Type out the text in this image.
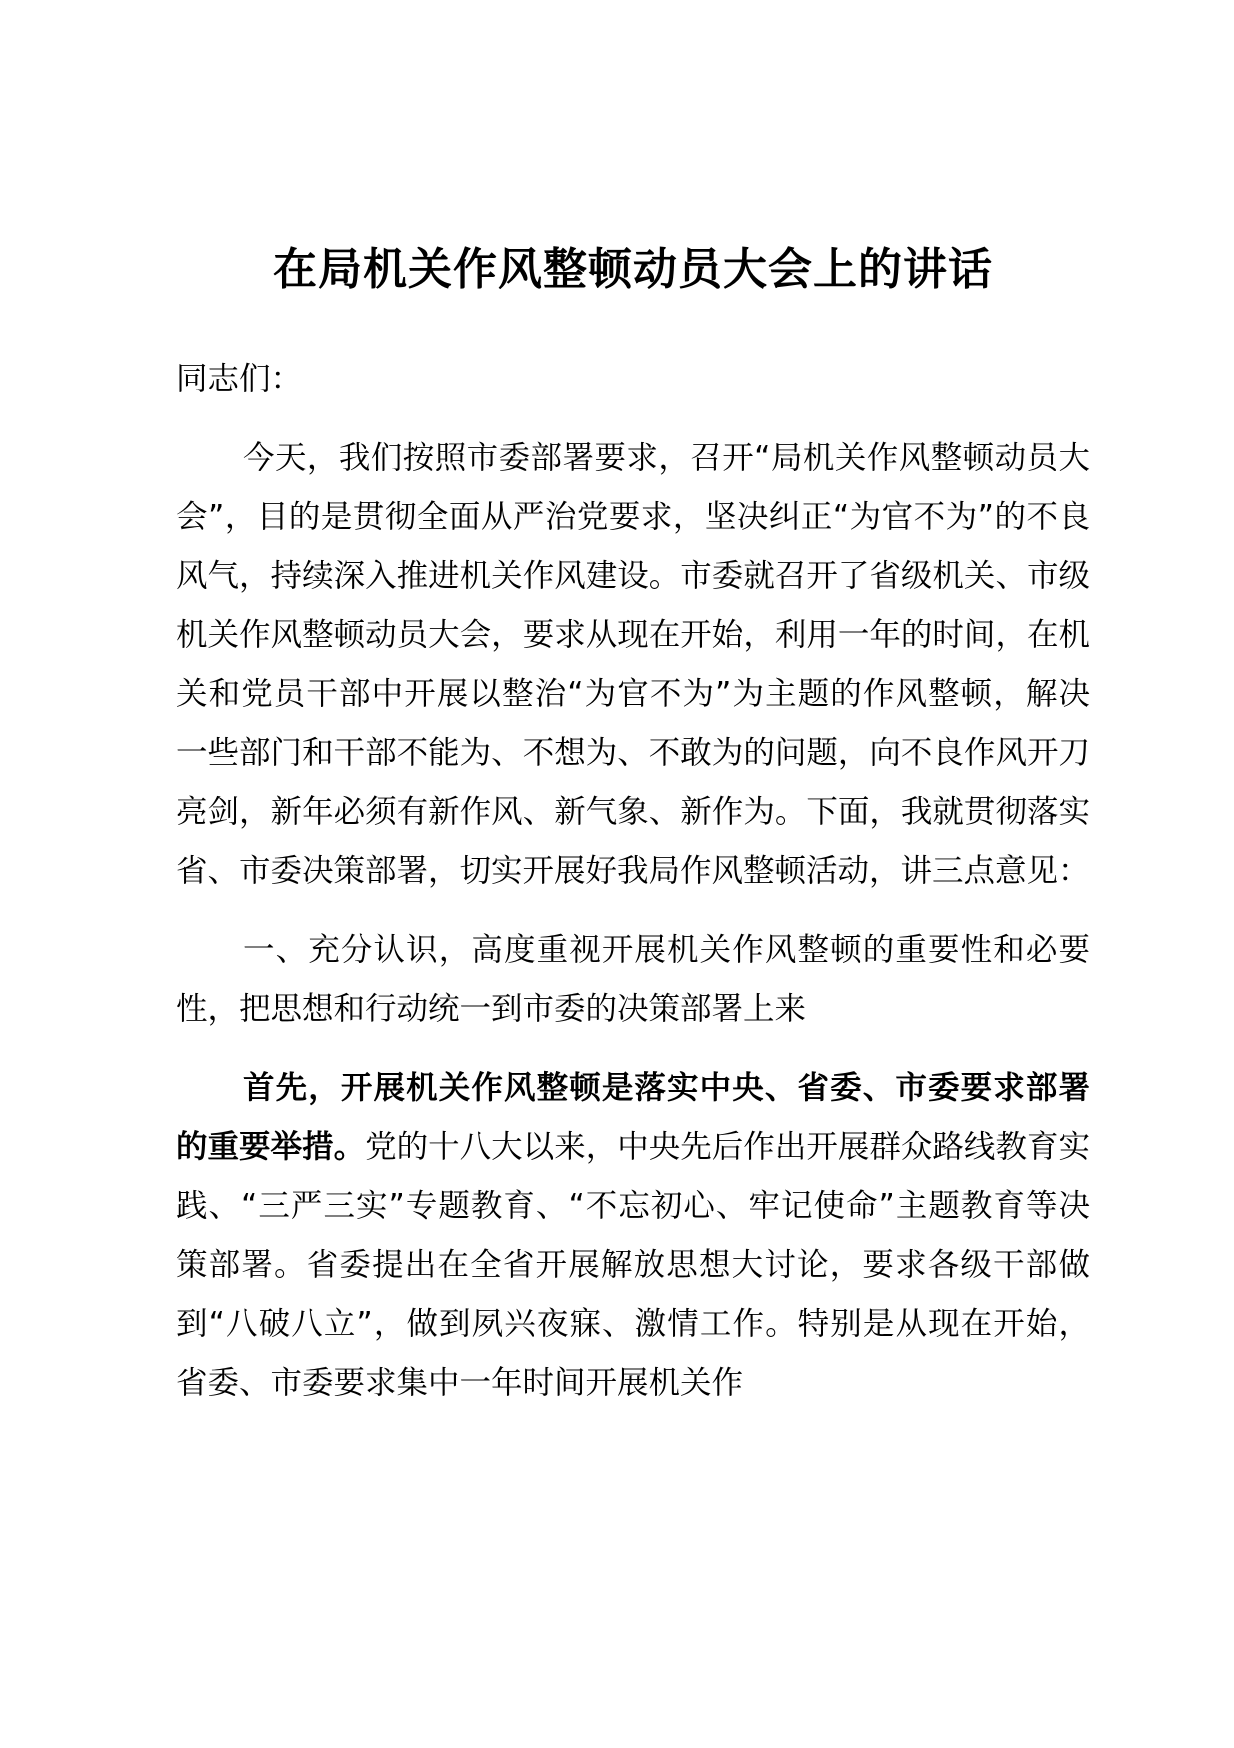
在局机关作风整顿动员大会上的讲话

同志们：

今天，我们按照市委部署要求，召开“局机关作风整顿动员大会”，目的是贯彻全面从严治党要求，坚决纠正“为官不为”的不良风气，持续深入推进机关作风建设。市委就召开了省级机关、市级机关作风整顿动员大会，要求从现在开始，利用一年的时间，在机关和党员干部中开展以整治“为官不为”为主题的作风整顿，解决一些部门和干部不能为、不想为、不敢为的问题，向不良作风开刀亮剑，新年必须有新作风、新气象、新作为。下面，我就贯彻落实省、市委决策部署，切实开展好我局作风整顿活动，讲三点意见：

一、充分认识，高度重视开展机关作风整顿的重要性和必要性，把思想和行动统一到市委的决策部署上来

首先，开展机关作风整顿是落实中央、省委、市委要求部署的重要举措。党的十八大以来，中央先后作出开展群众路线教育实践、“三严三实”专题教育、“不忘初心、牢记使命”主题教育等决策部署。省委提出在全省开展解放思想大讨论，要求各级干部做到“八破八立”，做到夙兴夜寐、激情工作。特别是从现在开始，省委、市委要求集中一年时间开展机关作
